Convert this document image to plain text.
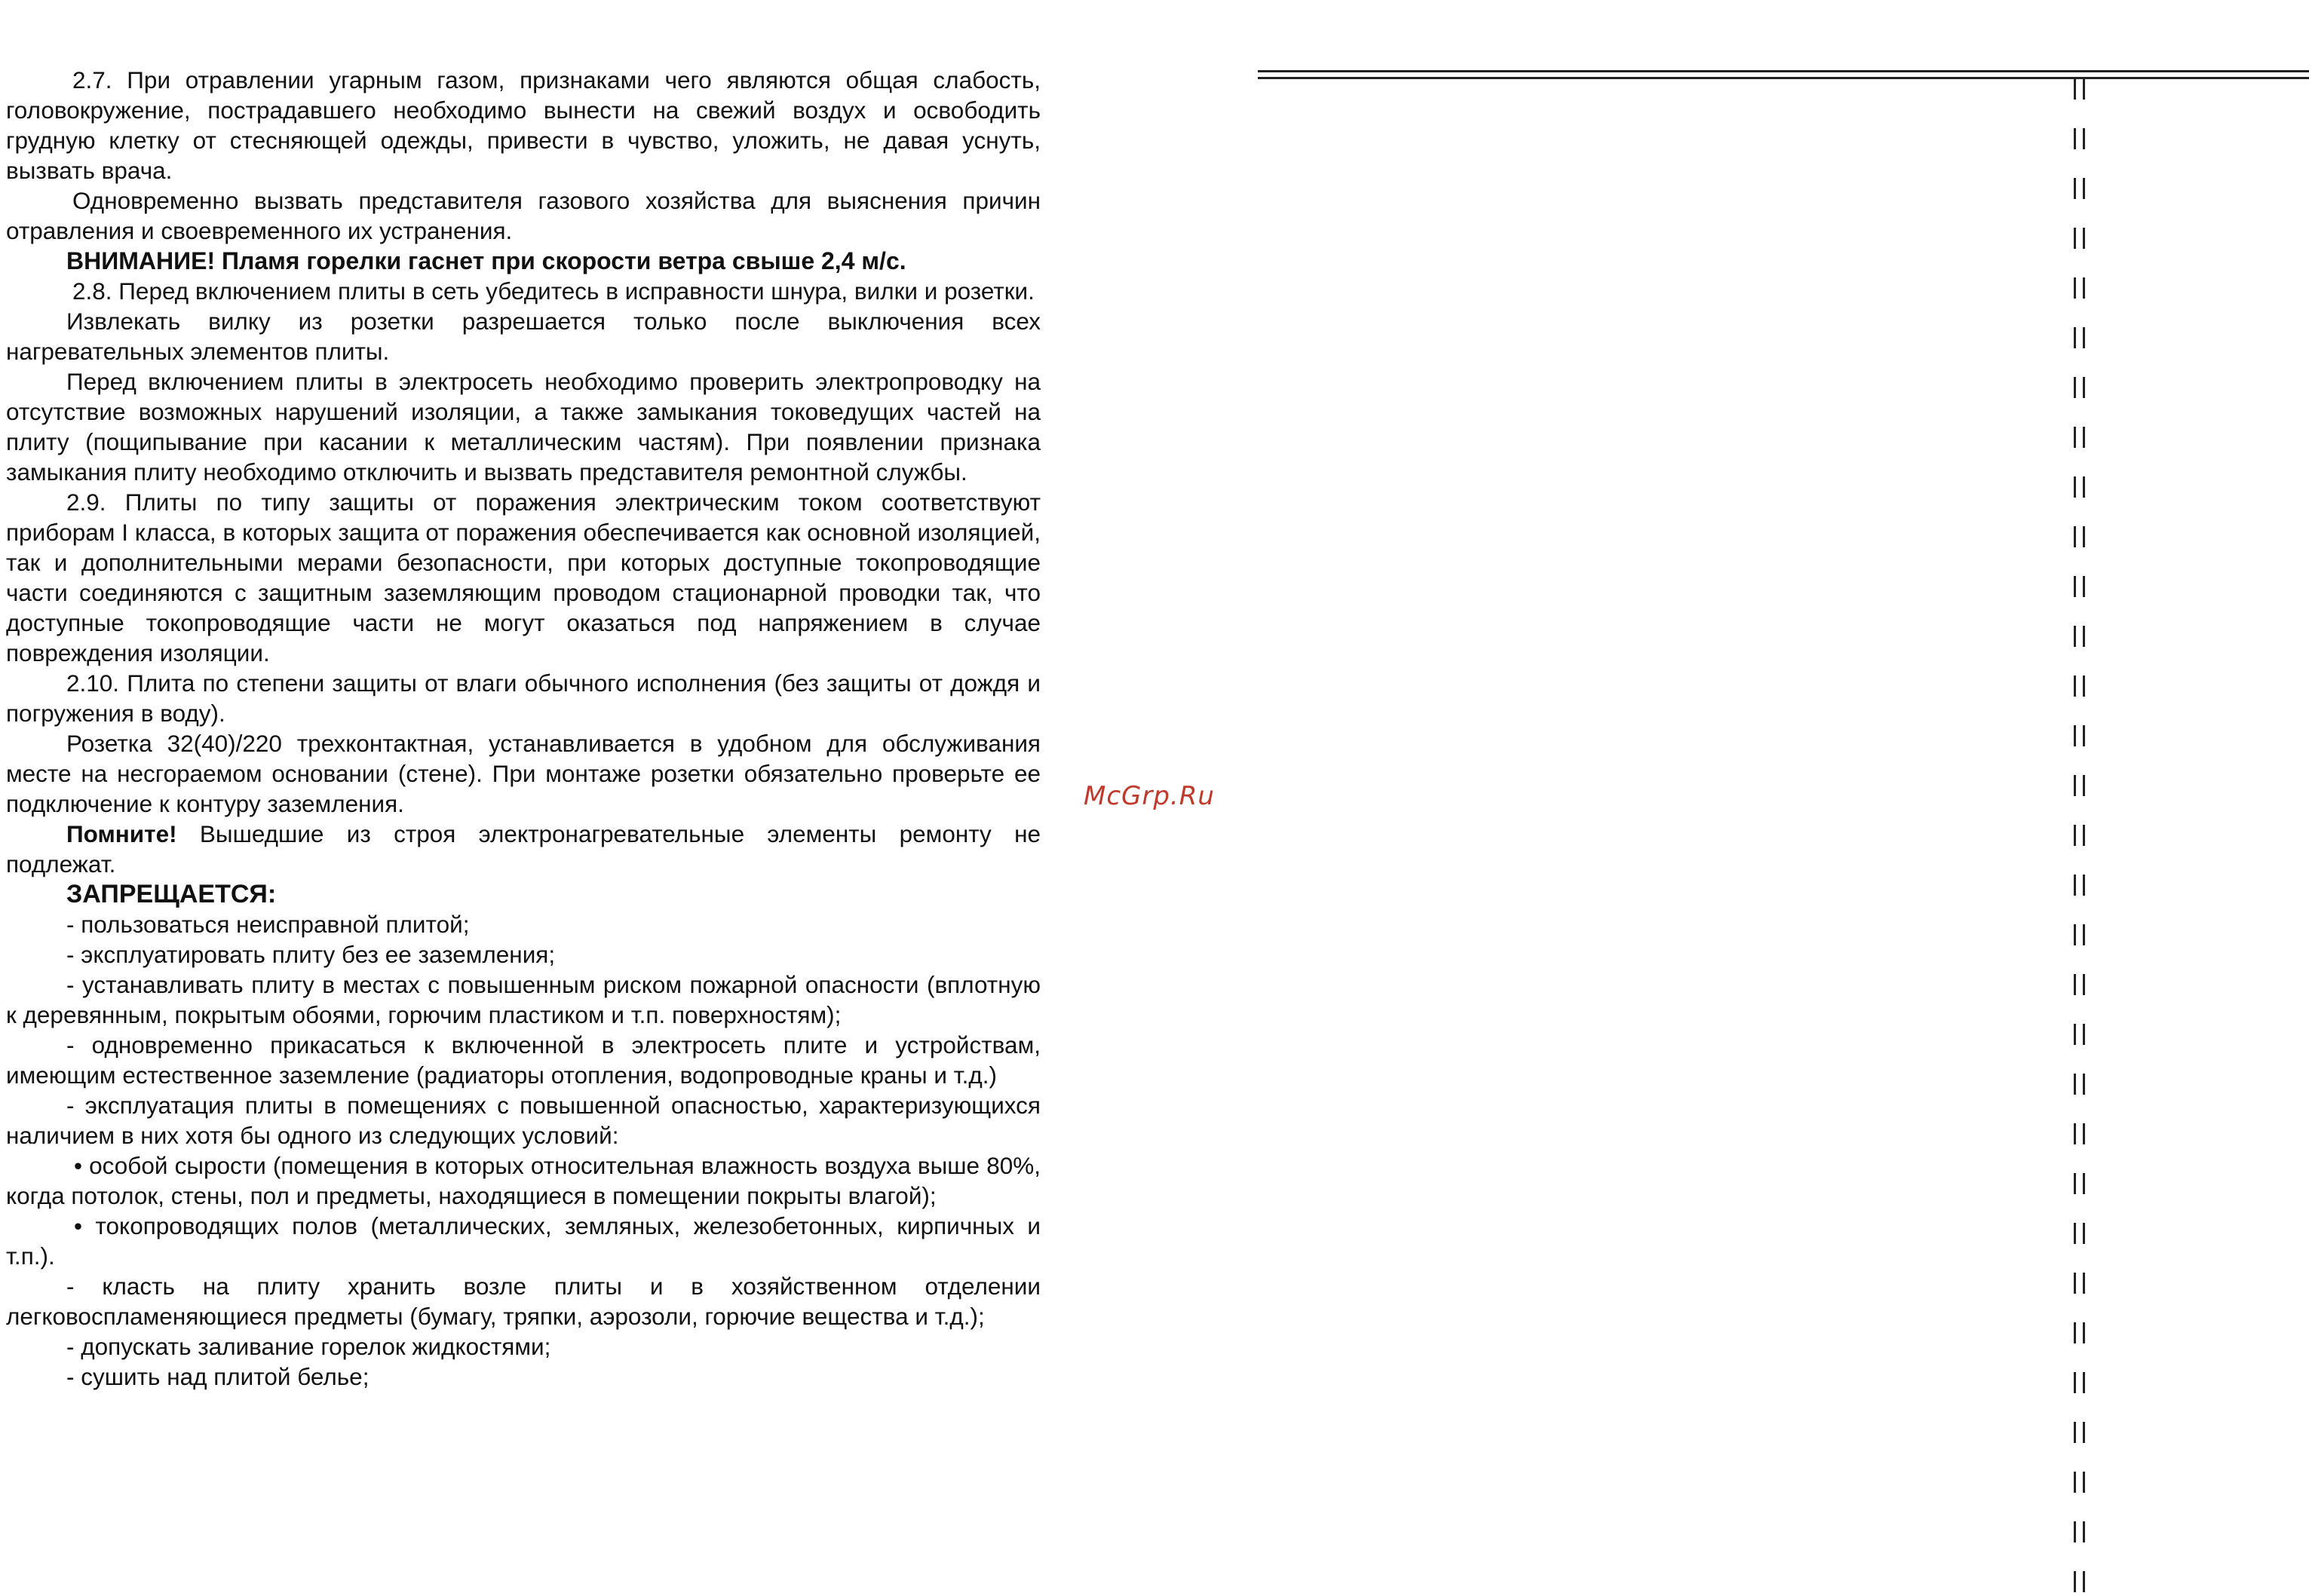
2.7. При отравлении угарным газом, признаками чего являются общая слабость, головокружение, пострадавшего необходимо вынести на свежий воздух и освободить грудную клетку от стесняющей одежды, привести в чувство, уложить, не давая уснуть, вызвать врача.

Одновременно вызвать представителя газового хозяйства для выяснения причин отравления и своевременного их устранения.

ВНИМАНИЕ! Пламя горелки гаснет при скорости ветра свыше 2,4 м/с.

2.8. Перед включением плиты в сеть убедитесь в исправности шнура, вилки и розетки.

Извлекать вилку из розетки разрешается только после выключения всех нагревательных элементов плиты.

Перед включением плиты в электросеть необходимо проверить электропроводку на отсутствие возможных нарушений изоляции, а также замыкания токоведущих частей на плиту (пощипывание при касании к металлическим частям). При появлении признака замыкания плиту необходимо отключить и вызвать представителя ремонтной службы.

2.9. Плиты по типу защиты от поражения электрическим током соответствуют приборам I класса, в которых защита от поражения обеспечивается как основной изоляцией, так и дополнительными мерами безопасности, при которых доступные токопроводящие части соединяются с защитным заземляющим проводом стационарной проводки так, что доступные токопроводящие части не могут оказаться под напряжением в случае повреждения изоляции.

2.10. Плита по степени защиты от влаги обычного исполнения (без защиты от дождя и погружения в воду).

Розетка 32(40)/220 трехконтактная, устанавливается в удобном для обслуживания месте на несгораемом основании (стене). При монтаже розетки обязательно проверьте ее подключение к контуру заземления.

Помните! Вышедшие из строя электронагревательные элементы ремонту не подлежат.

ЗАПРЕЩАЕТСЯ:

- пользоваться неисправной плитой;

- эксплуатировать плиту без ее заземления;

- устанавливать плиту в местах с повышенным риском пожарной опасности (вплотную к деревянным, покрытым обоями, горючим пластиком и т.п. поверхностям);

- одновременно прикасаться к включенной в электросеть плите и устройствам, имеющим естественное заземление (радиаторы отопления, водопроводные краны и т.д.)

- эксплуатация плиты в помещениях с повышенной опасностью, характеризующихся наличием в них хотя бы одного из следующих условий:

• особой сырости (помещения в которых относительная влажность воздуха выше 80%, когда потолок, стены, пол и предметы, находящиеся в помещении покрыты влагой);

• токопроводящих полов (металлических, земляных, железобетонных, кирпичных и т.п.).

- класть на плиту хранить возле плиты и в хозяйственном отделении легковоспламеняющиеся предметы (бумагу, тряпки, аэрозоли, горючие вещества и т.д.);

- допускать заливание горелок жидкостями;

- сушить над плитой белье;

McGrp.Ru
